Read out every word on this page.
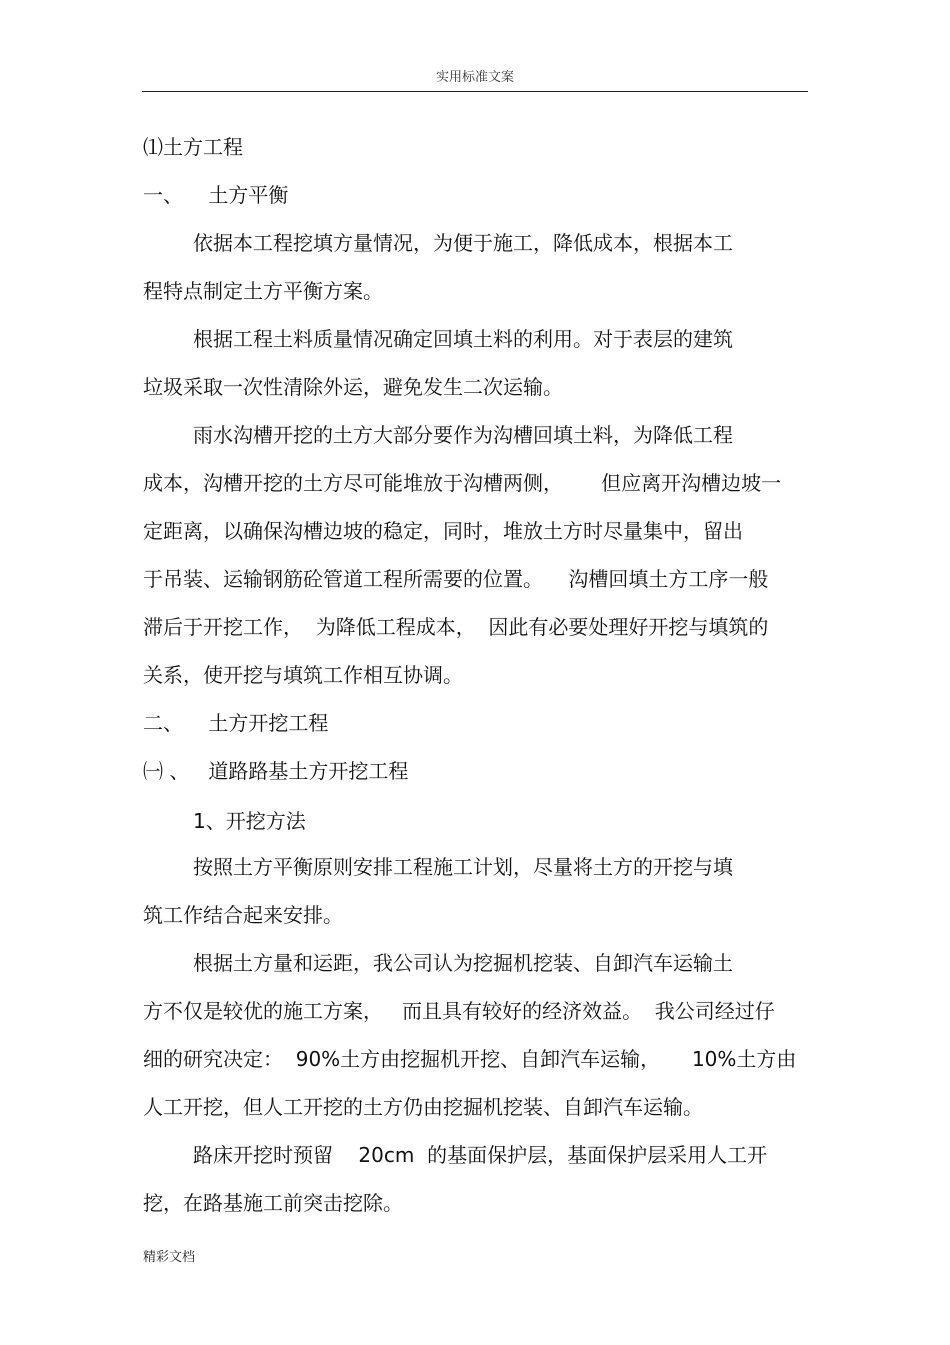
实用标准文案
⑴土方工程
一、    土方平衡
依据本工程挖填方量情况，为便于施工，降低成本，根据本工
程特点制定土方平衡方案。
根据工程土料质量情况确定回填土料的利用。对于表层的建筑
垃圾采取一次性清除外运，避免发生二次运输。
雨水沟槽开挖的土方大部分要作为沟槽回填土料，为降低工程
成本，沟槽开挖的土方尽可能堆放于沟槽两侧，      但应离开沟槽边坡一
定距离，以确保沟槽边坡的稳定，同时，堆放土方时尽量集中，留出
于吊装、运输钢筋砼管道工程所需要的位置。    沟槽回填土方工序一般
滞后于开挖工作，  为降低工程成本，  因此有必要处理好开挖与填筑的
关系，使开挖与填筑工作相互协调。
二、    土方开挖工程
㈠ 、   道路路基土方开挖工程
1、开挖方法
按照土方平衡原则安排工程施工计划，尽量将土方的开挖与填
筑工作结合起来安排。
根据土方量和运距，我公司认为挖掘机挖装、自卸汽车运输土
方不仅是较优的施工方案，   而且具有较好的经济效益。  我公司经过仔
细的研究决定：  90%土方由挖掘机开挖、自卸汽车运输，     10%土方由
人工开挖，但人工开挖的土方仍由挖掘机挖装、自卸汽车运输。
路床开挖时预留    20cm  的基面保护层，基面保护层采用人工开
挖，在路基施工前突击挖除。
精彩文档
